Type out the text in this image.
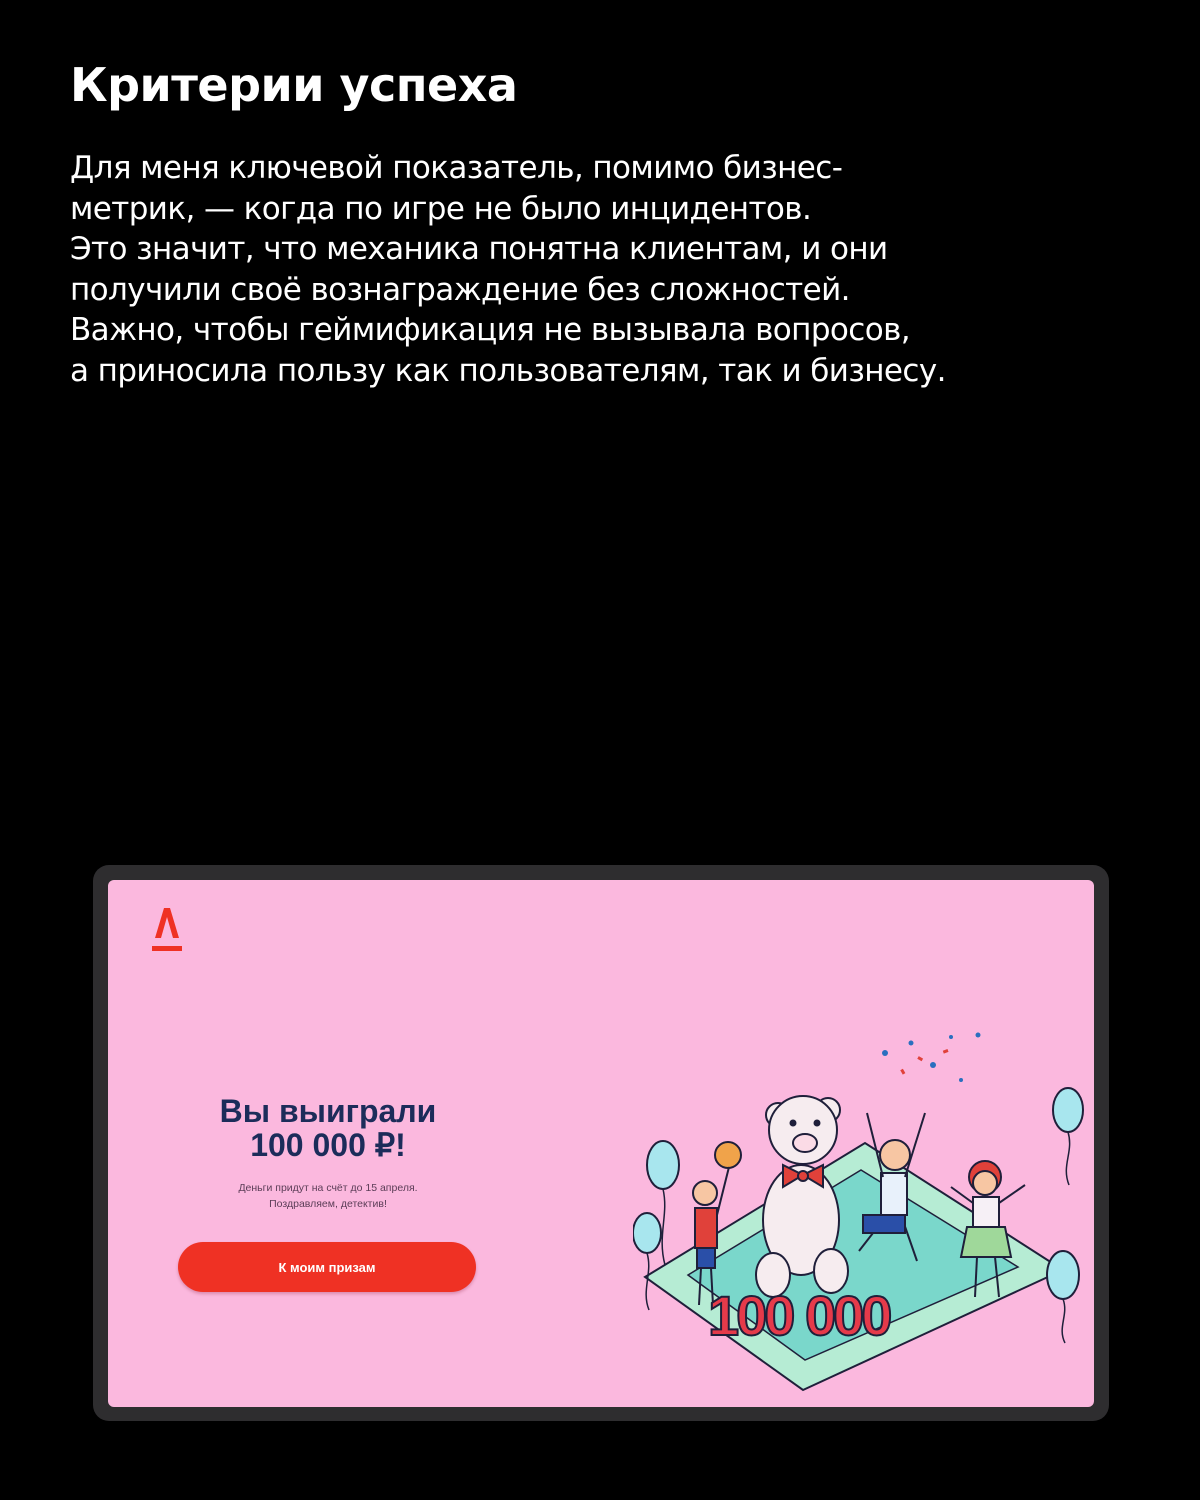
Критерии успеха
Для меня ключевой показатель, помимо бизнес-
метрик, — когда по игре не было инцидентов.
Это значит, что механика понятна клиентам, и они
получили своё вознаграждение без сложностей.
Важно, чтобы геймификация не вызывала вопросов,
а приносила пользу как пользователям, так и бизнесу.
Вы выиграли
100 000 ₽!
Деньги придут на счёт до 15 апреля.
Поздравляем, детектив!
К моим призам
100 000
